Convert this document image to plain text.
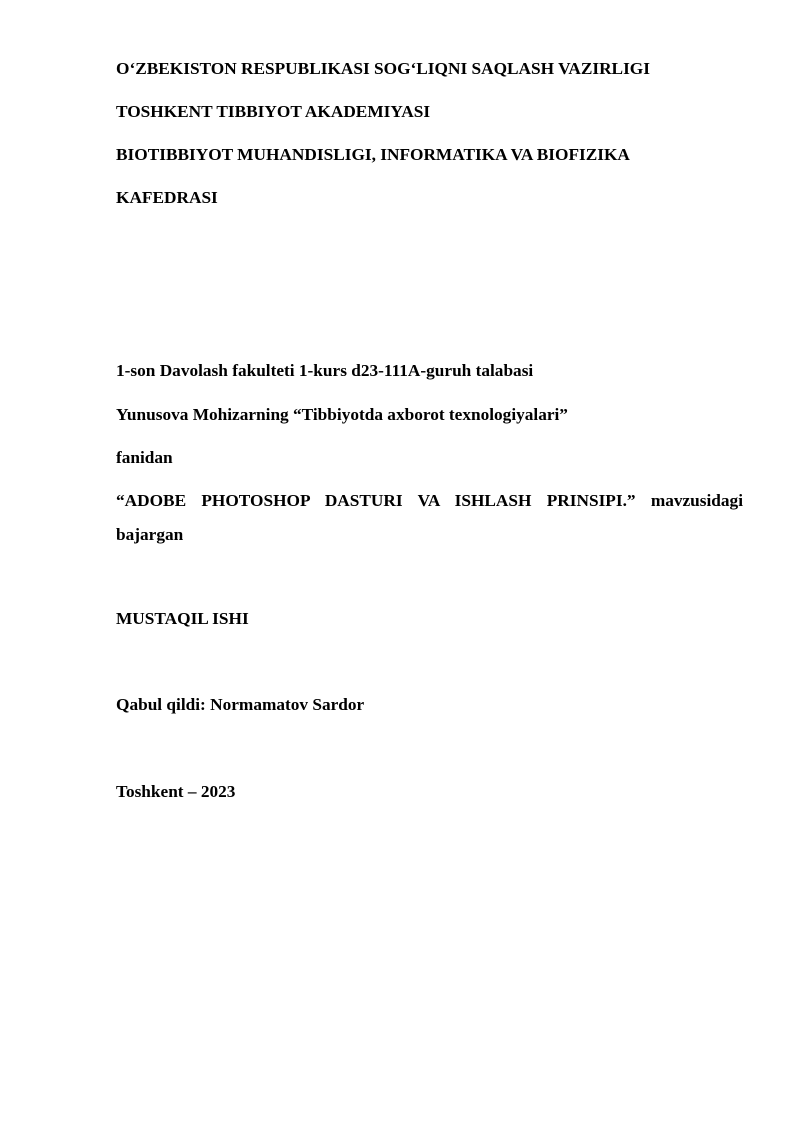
O‘ZBEKISTON RESPUBLIKASI SOG‘LIQNI SAQLASH VAZIRLIGI
TOSHKENT TIBBIYOT AKADEMIYASI
BIOTIBBIYOT MUHANDISLIGI, INFORMATIKA VA BIOFIZIKA
KAFEDRASI
1-son Davolash fakulteti 1-kurs d23-111A-guruh talabasi
Yunusova Mohizarning “Tibbiyotda axborot texnologiyalari”
fanidan
“ADOBE PHOTOSHOP DASTURI VA ISHLASH PRINSIPI.” mavzusidagi
bajargan
MUSTAQIL ISHI
Qabul qildi: Normamatov Sardor
Toshkent – 2023
